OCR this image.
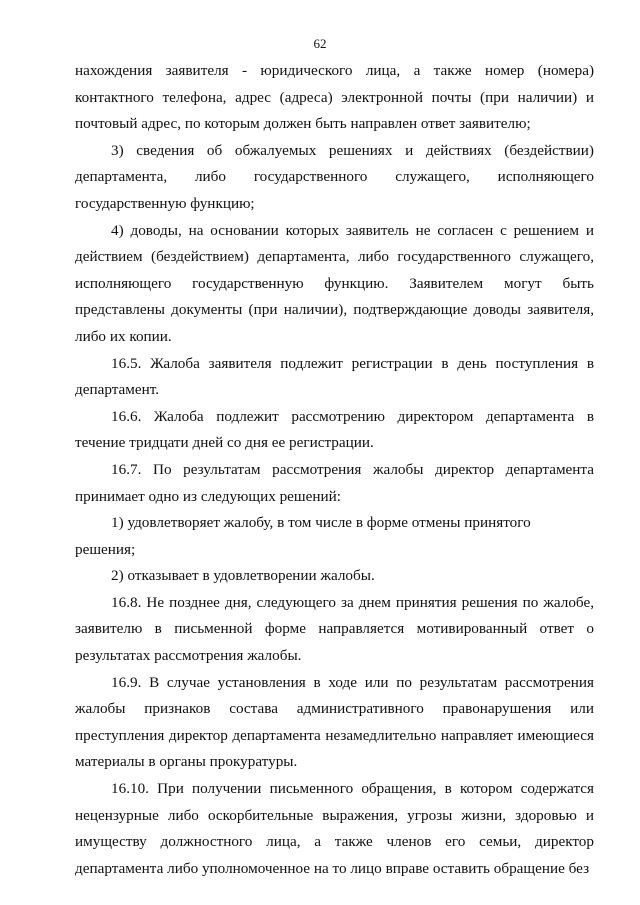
62

нахождения заявителя - юридического лица, а также номер (номера) контактного телефона, адрес (адреса) электронной почты (при наличии) и почтовый адрес, по которым должен быть направлен ответ заявителю;

3) сведения об обжалуемых решениях и действиях (бездействии) департамента, либо государственного служащего, исполняющего государственную функцию;

4) доводы, на основании которых заявитель не согласен с решением и действием (бездействием) департамента, либо государственного служащего, исполняющего государственную функцию. Заявителем могут быть представлены документы (при наличии), подтверждающие доводы заявителя, либо их копии.

16.5. Жалоба заявителя подлежит регистрации в день поступления в департамент.

16.6. Жалоба подлежит рассмотрению директором департамента в течение тридцати дней со дня ее регистрации.

16.7. По результатам рассмотрения жалобы директор департамента принимает одно из следующих решений:

1) удовлетворяет жалобу, в том числе в форме отмены принятого решения;

2) отказывает в удовлетворении жалобы.

16.8. Не позднее дня, следующего за днем принятия решения по жалобе, заявителю в письменной форме направляется мотивированный ответ о результатах рассмотрения жалобы.

16.9. В случае установления в ходе или по результатам рассмотрения жалобы признаков состава административного правонарушения или преступления директор департамента незамедлительно направляет имеющиеся материалы в органы прокуратуры.

16.10. При получении письменного обращения, в котором содержатся нецензурные либо оскорбительные выражения, угрозы жизни, здоровью и имуществу должностного лица, а также членов его семьи, директор департамента либо уполномоченное на то лицо вправе оставить обращение без
